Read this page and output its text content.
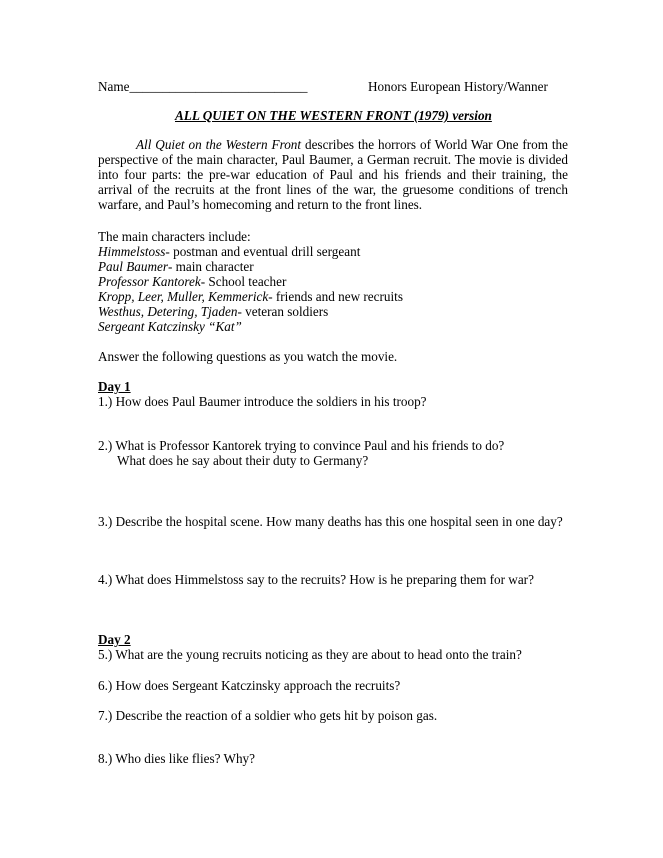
Name___________________________	Honors European History/Wanner
ALL QUIET ON THE WESTERN FRONT (1979) version
All Quiet on the Western Front describes the horrors of World War One from the perspective of the main character, Paul Baumer, a German recruit. The movie is divided into four parts: the pre-war education of Paul and his friends and their training, the arrival of the recruits at the front lines of the war, the gruesome conditions of trench warfare, and Paul’s homecoming and return to the front lines.
The main characters include:
Himmelstoss- postman and eventual drill sergeant
Paul Baumer- main character
Professor Kantorek- School teacher
Kropp, Leer, Muller, Kemmerick- friends and new recruits
Westhus, Detering, Tjaden- veteran soldiers
Sergeant Katczinsky “Kat”
Answer the following questions as you watch the movie.
Day 1
1.) How does Paul Baumer introduce the soldiers in his troop?
2.) What is Professor Kantorek trying to convince Paul and his friends to do?
What does he say about their duty to Germany?
3.) Describe the hospital scene. How many deaths has this one hospital seen in one day?
4.) What does Himmelstoss say to the recruits? How is he preparing them for war?
Day 2
5.) What are the young recruits noticing as they are about to head onto the train?
6.) How does Sergeant Katczinsky approach the recruits?
7.) Describe the reaction of a soldier who gets hit by poison gas.
8.) Who dies like flies? Why?
